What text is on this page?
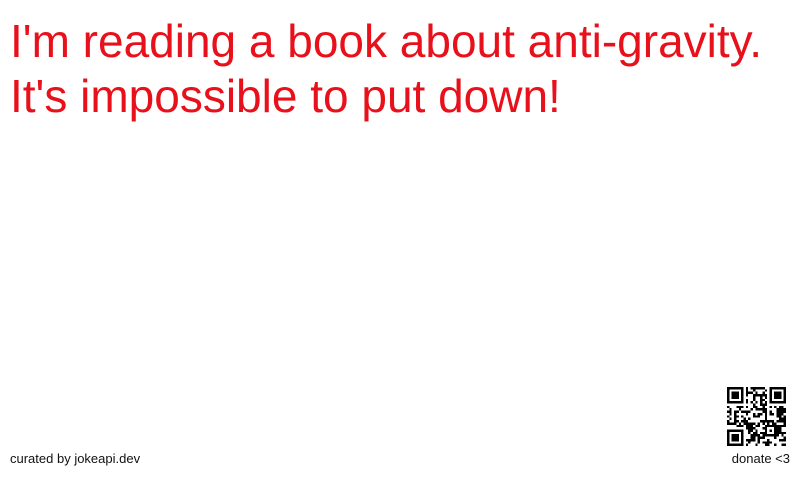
I'm reading a book about anti-gravity. It's impossible to put down!
curated by jokeapi.dev	donate <3
